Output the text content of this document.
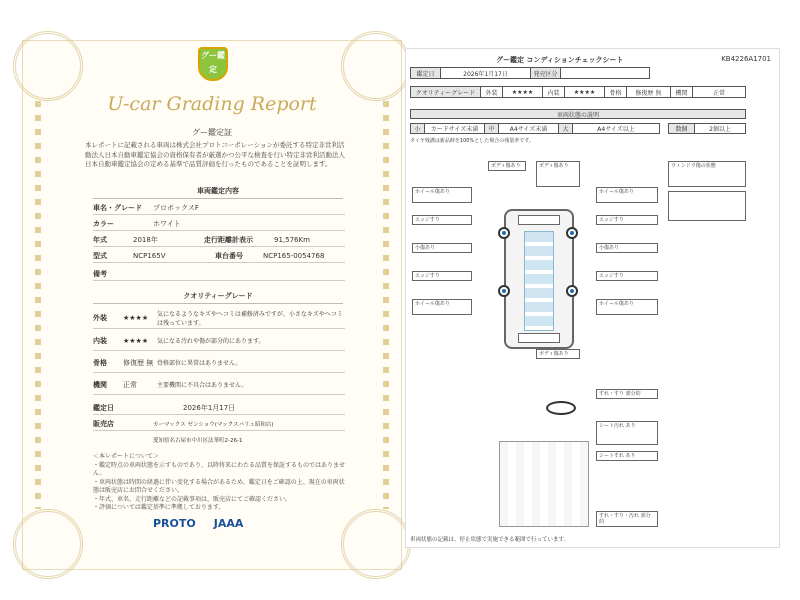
グー鑑定
U-car Grading Report
グー鑑定証
本レポートに記載される車両は株式会社プロトコーポレーションが委託する特定非営利活動法人日本自動車鑑定協会の資格保有者が厳選かつ公平な検査を行い特定非営利活動法人日本自動車鑑定協会の定める基準で品質評価を行ったものであることを証明します。
車両鑑定内容
車名・グレード	プロボックスF
カラー	ホワイト
年式	2018年	走行距離計表示	91,576Km
型式	NCP165V	車台番号	NCP165-0054768
備考
クオリティーグレード
外装	★★★★	気になるようなキズやヘコミは補修済みですが、小さなキズやヘコミは残っています。
内装	★★★★	気になる汚れや傷が部分的にあります。
骨格	修復歴 無 骨格部位に異常はありません。
機関	正常	主要機関に不具合はありません。
鑑定日	2026年1月17日
販売店	カーマックス ゼンショウ(マックスバリュ昭和店)
愛知県名古屋市中川区法華町2-26-1
＜本レポートについて＞
・鑑定時点の車両状態を示すものであり、以降将来にわたる品質を保証するものではありません。
・車両状態は時間の経過に伴い変化する場合があるため、鑑定日をご確認の上、現在の車両状態は販売店にお問合せください。
・年式、車名、走行距離などの記載事項は、販売店にてご確認ください。
・評価については鑑定基準に準拠しております。
PROTO JAAA
グー鑑定 コンディションチェックシート	KB4226A1701
鑑定日	2026年1月17日	発売区分
クオリティーグレード	外装	★★★★	内装	★★★★	骨格	修復歴 無	機関	正常
車両状態の説明
小	カードサイズ未満	中	A4サイズ未満	大	A4サイズ以上	数個	2個以上
タイヤ残溝は新品時を100%とした場合の残量率です。
ボディ傷あり	ボディ傷あり
ホイール傷あり	ホイール傷あり
エッジすり	エッジすり
小傷あり	小傷あり
エッジすり	エッジすり
ホイール傷あり	ホイール傷あり
ボディ傷あり
すれ・すり 部分的
シート汚れ あり
シートすれ あり
すれ・すり・汚れ 部分的
ウィンドウ傷の状態
車両状態の記載は、停止状態で実施できる範囲で行っています。
